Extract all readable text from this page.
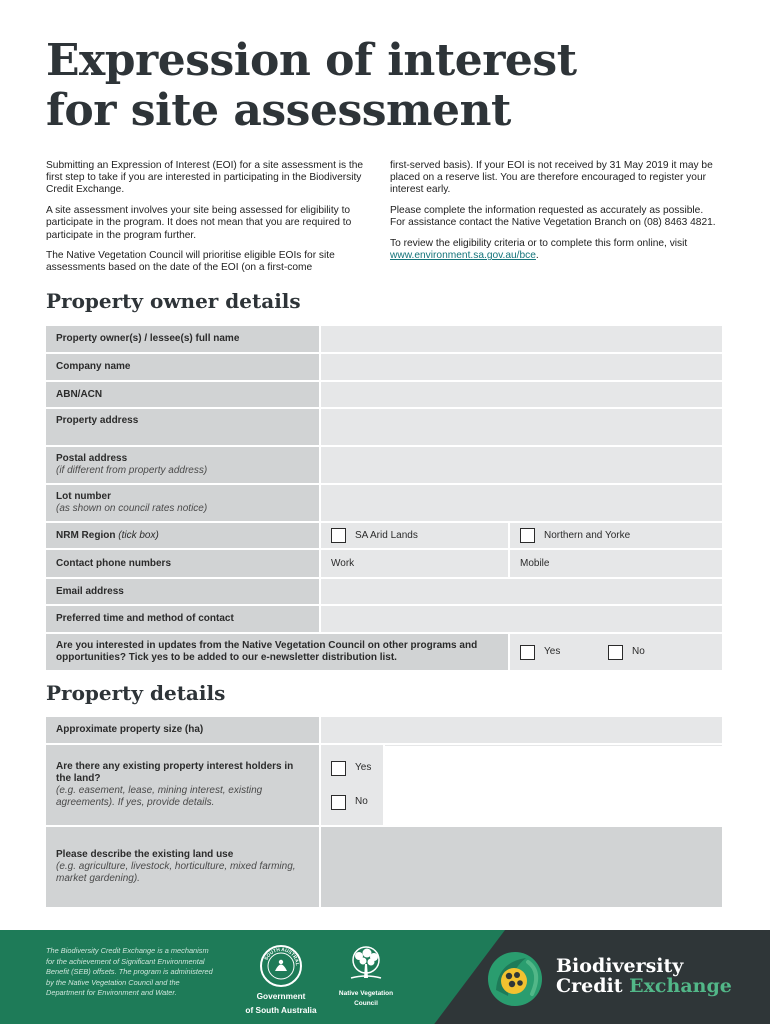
Expression of interest
for site assessment

Submitting an Expression of Interest (EOI) for a site assessment is the first step to take if you are interested in participating in the Biodiversity Credit Exchange.

A site assessment involves your site being assessed for eligibility to participate in the program. It does not mean that you are required to participate in the program further.

The Native Vegetation Council will prioritise eligible EOIs for site assessments based on the date of the EOI (on a first-come

first-served basis). If your EOI is not received by 31 May 2019 it may be placed on a reserve list. You are therefore encouraged to register your interest early.

Please complete the information requested as accurately as possible. For assistance contact the Native Vegetation Branch on (08) 8463 4821.

To review the eligibility criteria or to complete this form online, visit www.environment.sa.gov.au/bce.

Property owner details
Property owner(s) / lessee(s) full name
Company name
ABN/ACN
Property address
Postal address
(if different from property address)
Lot number
(as shown on council rates notice)
NRM Region (tick box)	SA Arid Lands	Northern and Yorke
Contact phone numbers	Work	Mobile
Email address
Preferred time and method of contact
Are you interested in updates from the Native Vegetation Council on other programs and opportunities? Tick yes to be added to our e-newsletter distribution list.
Yes	No
Property details
Approximate property size (ha)
Are there any existing property interest holders in the land?
(e.g. easement, lease, mining interest, existing agreements). If yes, provide details.
Yes
No
Please describe the existing land use
(e.g. agriculture, livestock, horticulture, mixed farming, market gardening).
The Biodiversity Credit Exchange is a mechanism for the achievement of Significant Environmental Benefit (SEB) offsets. The program is administered by the Native Vegetation Council and the Department for Environment and Water.
SOUTH AUSTRAL
Government
of South Australia
Native Vegetation
Council
Biodiversity
Credit Exchange
